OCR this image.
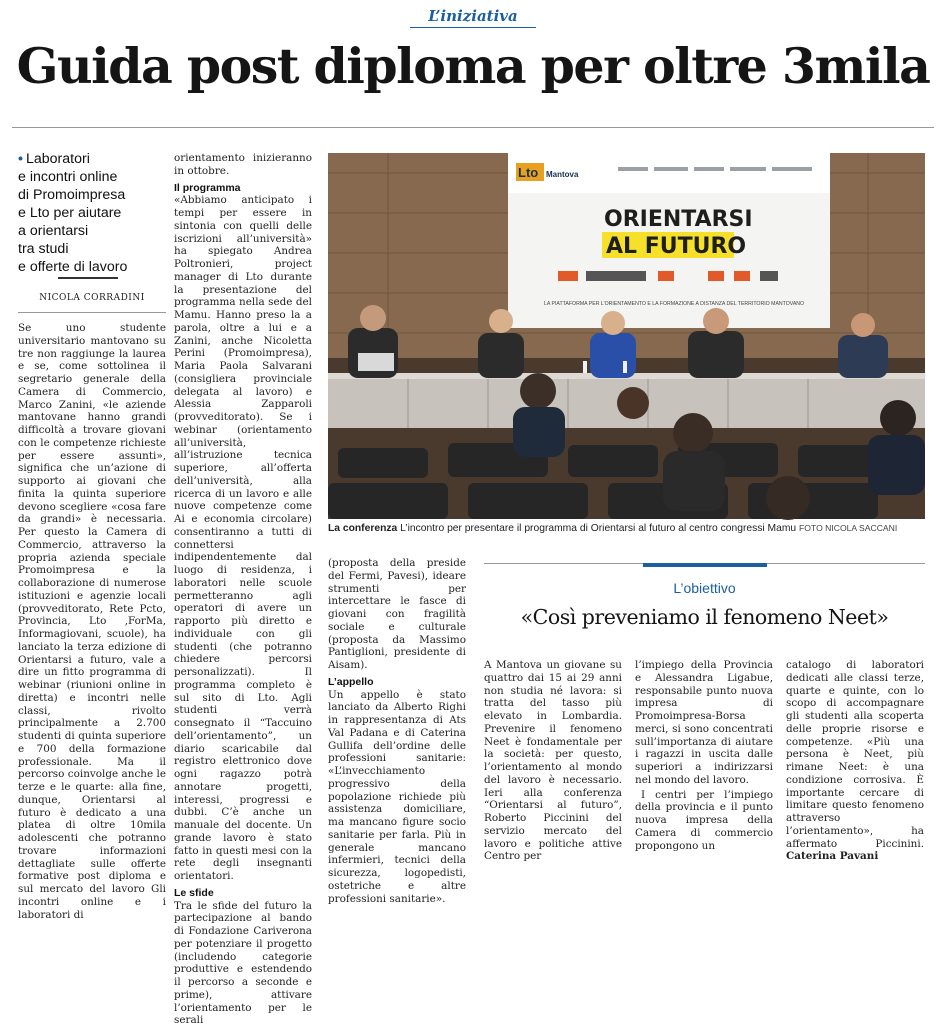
L’iniziativa
Guida post diploma per oltre 3mila
• Laboratori
e incontri online
di Promoimpresa
e Lto per aiutare
a orientarsi
tra studi
e offerte di lavoro
NICOLA CORRADINI

Se uno studente universitario mantovano su tre non raggiunge la laurea e se, come sottolinea il segretario generale della Camera di Commercio, Marco Zanini, «le aziende mantovane hanno grandi difficoltà a trovare giovani con le competenze richieste per essere assunti», significa che un’azione di supporto ai giovani che finita la quinta superiore devono scegliere «cosa fare da grandi» è necessaria. Per questo la Camera di Commercio, attraverso la propria azienda speciale Promoimpresa e la collaborazione di numerose istituzioni e agenzie locali (provveditorato, Rete Pcto, Provincia, Lto ,ForMa, Informagiovani, scuole), ha lanciato la terza edizione di Orientarsi a futuro, vale a dire un fitto programma di webinar (riunioni online in diretta) e incontri nelle classi, rivolto principalmente a 2.700 studenti di quinta superiore e 700 della formazione professionale. Ma il percorso coinvolge anche le terze e le quarte: alla fine, dunque, Orientarsi al futuro è dedicato a una platea di oltre 10mila adolescenti che potranno trovare informazioni dettagliate sulle offerte formative post diploma e sul mercato del lavoro Gli incontri online e i laboratori di

orientamento inizieranno in ottobre.

Il programma

«Abbiamo anticipato i tempi per essere in sintonia con quelli delle iscrizioni all’università» ha spiegato Andrea Poltronieri, project manager di Lto durante la presentazione del programma nella sede del Mamu. Hanno preso la a parola, oltre a lui e a Zanini, anche Nicoletta Perini (Promoimpresa), Maria Paola Salvarani (consigliera provinciale delegata al lavoro) e Alessia Zapparoli (provveditorato). Se i webinar (orientamento all’università, all’istruzione tecnica superiore, all’offerta dell’università, alla ricerca di un lavoro e alle nuove competenze come Ai e economia circolare) consentiranno a tutti di connettersi indipendentemente dal luogo di residenza, i laboratori nelle scuole permetteranno agli operatori di avere un rapporto più diretto e individuale con gli studenti (che potranno chiedere percorsi personalizzati). Il programma completo è sul sito di Lto. Agli studenti verrà consegnato il “Taccuino dell’orientamento”, un diario scaricabile dal registro elettronico dove ogni ragazzo potrà annotare progetti, interessi, progressi e dubbi. C’è anche un manuale del docente. Un grande lavoro è stato fatto in questi mesi con la rete degli insegnanti orientatori.

Le sfide

Tra le sfide del futuro la partecipazione al bando di Fondazione Cariverona per potenziare il progetto (includendo categorie produttive e estendendo il percorso a seconde e prime), attivare l’orientamento per le serali

Lto Mantova
ORIENTARSI
AL FUTURO
LA PIATTAFORMA PER L’ORIENTAMENTO E LA FORMAZIONE A DISTANZA DEL TERRITORIO MANTOVANO
La conferenza L’incontro per presentare il programma di Orientarsi al futuro al centro congressi Mamu FOTO NICOLA SACCANI

(proposta della preside del Fermi, Pavesi), ideare strumenti per intercettare le fasce di giovani con fragilità sociale e culturale (proposta da Massimo Pantiglioni, presidente di Aisam).

L’appello

Un appello è stato lanciato da Alberto Righi in rappresentanza di Ats Val Padana e di Caterina Gullifa dell’ordine delle professioni sanitarie: «L’invecchiamento progressivo della popolazione richiede più assistenza domiciliare, ma mancano figure socio sanitarie per farla. Più in generale mancano infermieri, tecnici della sicurezza, logopedisti, ostetriche e altre professioni sanitarie».

L’obiettivo
«Così preveniamo il fenomeno Neet»

A Mantova un giovane su quattro dai 15 ai 29 anni non studia né lavora: si tratta del tasso più elevato in Lombardia. Prevenire il fenomeno Neet è fondamentale per la società: per questo, l’orientamento al mondo del lavoro è necessario. Ieri alla conferenza “Orientarsi al futuro”, Roberto Piccinini del servizio mercato del lavoro e politiche attive Centro per

l’impiego della Provincia e Alessandra Ligabue, responsabile punto nuova impresa di Promoimpresa-Borsa merci, si sono concentrati sull’importanza di aiutare i ragazzi in uscita dalle superiori a indirizzarsi nel mondo del lavoro.

I centri per l’impiego della provincia e il punto nuova impresa della Camera di commercio propongono un

catalogo di laboratori dedicati alle classi terze, quarte e quinte, con lo scopo di accompagnare gli studenti alla scoperta delle proprie risorse e competenze. «Più una persona è Neet, più rimane Neet: è una condizione corrosiva. È importante cercare di limitare questo fenomeno attraverso l’orientamento», ha affermato Piccinini. Caterina Pavani
